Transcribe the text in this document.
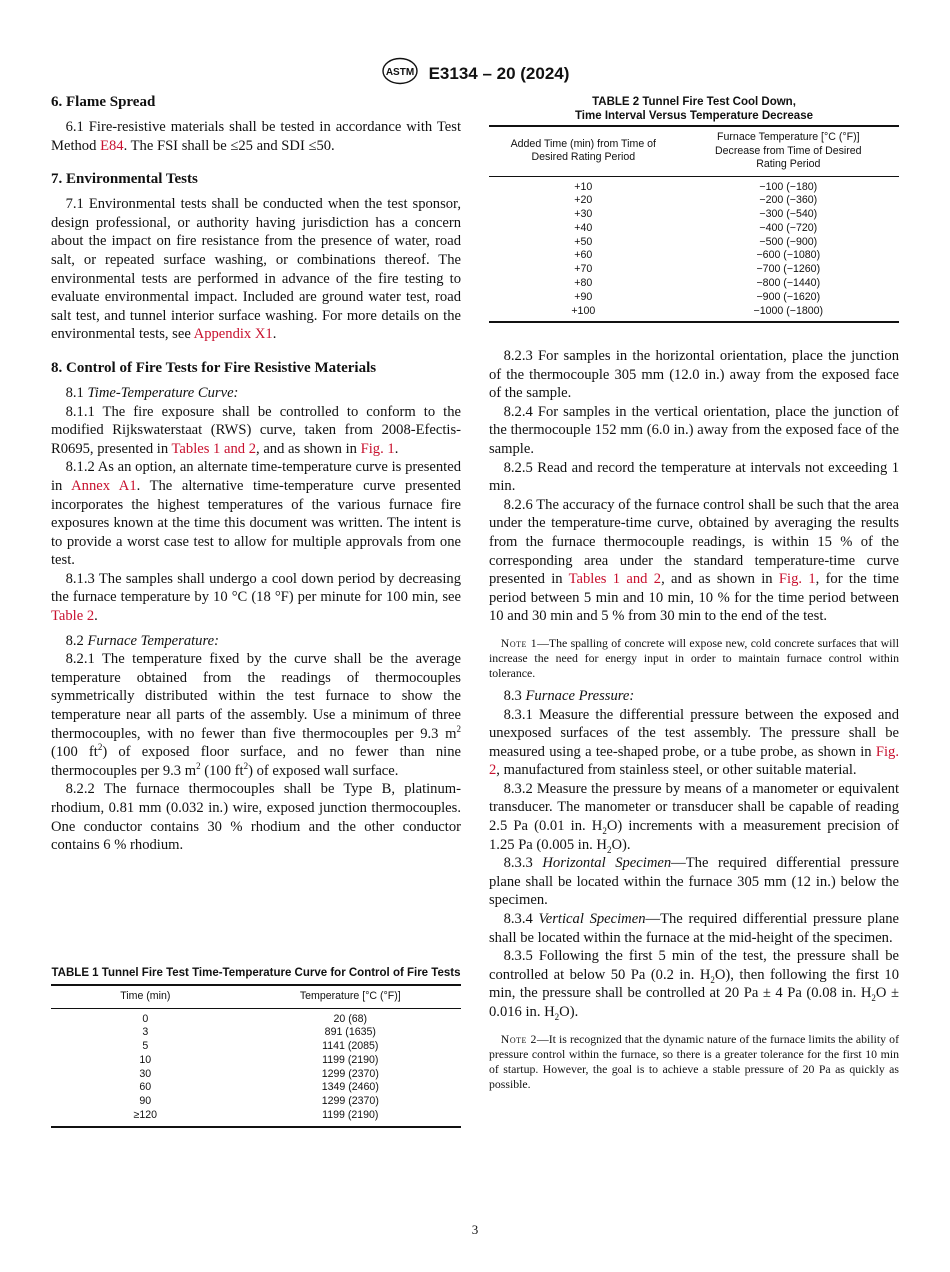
ASTM E3134 – 20 (2024)
6. Flame Spread

 6.1 Fire-resistive materials shall be tested in accordance with Test Method E84. The FSI shall be ≤25 and SDI ≤50.

7. Environmental Tests

 7.1 Environmental tests shall be conducted when the test sponsor, design professional, or authority having jurisdiction has a concern about the impact on fire resistance from the presence of water, road salt, or repeated surface washing, or combinations thereof. The environmental tests are performed in advance of the fire testing to evaluate environmental impact. Included are ground water test, road salt test, and tunnel interior surface washing. For more details on the environmental tests, see Appendix X1.

8. Control of Fire Tests for Fire Resistive Materials

 8.1 Time-Temperature Curve:

 8.1.1 The fire exposure shall be controlled to conform to the modified Rijkswaterstaat (RWS) curve, taken from 2008-Efectis-R0695, presented in Tables 1 and 2, and as shown in Fig. 1.

 8.1.2 As an option, an alternate time-temperature curve is presented in Annex A1. The alternative time-temperature curve presented incorporates the highest temperatures of the various furnace fire exposures known at the time this document was written. The intent is to provide a worst case test to allow for multiple approvals from one test.

 8.1.3 The samples shall undergo a cool down period by decreasing the furnace temperature by 10 °C (18 °F) per minute for 100 min, see Table 2.

 8.2 Furnace Temperature:

 8.2.1 The temperature fixed by the curve shall be the average temperature obtained from the readings of thermocouples symmetrically distributed within the test furnace to show the temperature near all parts of the assembly. Use a minimum of three thermocouples, with no fewer than five thermocouples per 9.3 $m^2$ (100 $ft^2$) of exposed floor surface, and no fewer than nine thermocouples per 9.3 $m^2$ (100 $ft^2$) of exposed wall surface.

 8.2.2 The furnace thermocouples shall be Type B, platinum-rhodium, 0.81 mm (0.032 in.) wire, exposed junction thermocouples. One conductor contains 30 % rhodium and the other conductor contains 6 % rhodium.

TABLE 1 Tunnel Fire Test Time-Temperature Curve for Control of Fire Tests
Time (min)	Temperature [°C (°F)]
0	20 (68)
3	891 (1635)
5	1141 (2085)
10	1199 (2190)
30	1299 (2370)
60	1349 (2460)
90	1299 (2370)
≥120	1199 (2190)
TABLE 2 Tunnel Fire Test Cool Down,
Time Interval Versus Temperature Decrease
Added Time (min) from Time of Desired Rating Period	Furnace Temperature [°C (°F)] Decrease from Time of Desired Rating Period
+10	−100 (−180)
+20	−200 (−360)
+30	−300 (−540)
+40	−400 (−720)
+50	−500 (−900)
+60	−600 (−1080)
+70	−700 (−1260)
+80	−800 (−1440)
+90	−900 (−1620)
+100	−1000 (−1800)

 8.2.3 For samples in the horizontal orientation, place the junction of the thermocouple 305 mm (12.0 in.) away from the exposed face of the sample.

 8.2.4 For samples in the vertical orientation, place the junction of the thermocouple 152 mm (6.0 in.) away from the exposed face of the sample.

 8.2.5 Read and record the temperature at intervals not exceeding 1 min.

 8.2.6 The accuracy of the furnace control shall be such that the area under the temperature-time curve, obtained by averaging the results from the furnace thermocouple readings, is within 15 % of the corresponding area under the standard temperature-time curve presented in Tables 1 and 2, and as shown in Fig. 1, for the time period between 5 min and 10 min, 10 % for the time period between 10 and 30 min and 5 % from 30 min to the end of the test.

 Note 1—The spalling of concrete will expose new, cold concrete surfaces that will increase the need for energy input in order to maintain furnace control within tolerance.

 8.3 Furnace Pressure:

 8.3.1 Measure the differential pressure between the exposed and unexposed surfaces of the test assembly. The pressure shall be measured using a tee-shaped probe, or a tube probe, as shown in Fig. 2, manufactured from stainless steel, or other suitable material.

 8.3.2 Measure the pressure by means of a manometer or equivalent transducer. The manometer or transducer shall be capable of reading 2.5 Pa (0.01 in. $H_2O$) increments with a measurement precision of 1.25 Pa (0.005 in. $H_2O$).

 8.3.3 Horizontal Specimen—The required differential pressure plane shall be located within the furnace 305 mm (12 in.) below the specimen.

 8.3.4 Vertical Specimen—The required differential pressure plane shall be located within the furnace at the mid-height of the specimen.

 8.3.5 Following the first 5 min of the test, the pressure shall be controlled at below 50 Pa (0.2 in. $H_2O$), then following the first 10 min, the pressure shall be controlled at 20 Pa ± 4 Pa (0.08 in. $H_2O \pm 0.016$ in. $H_2O$).

 Note 2—It is recognized that the dynamic nature of the furnace limits the ability of pressure control within the furnace, so there is a greater tolerance for the first 10 min of startup. However, the goal is to achieve a stable pressure of 20 Pa as quickly as possible.

3
